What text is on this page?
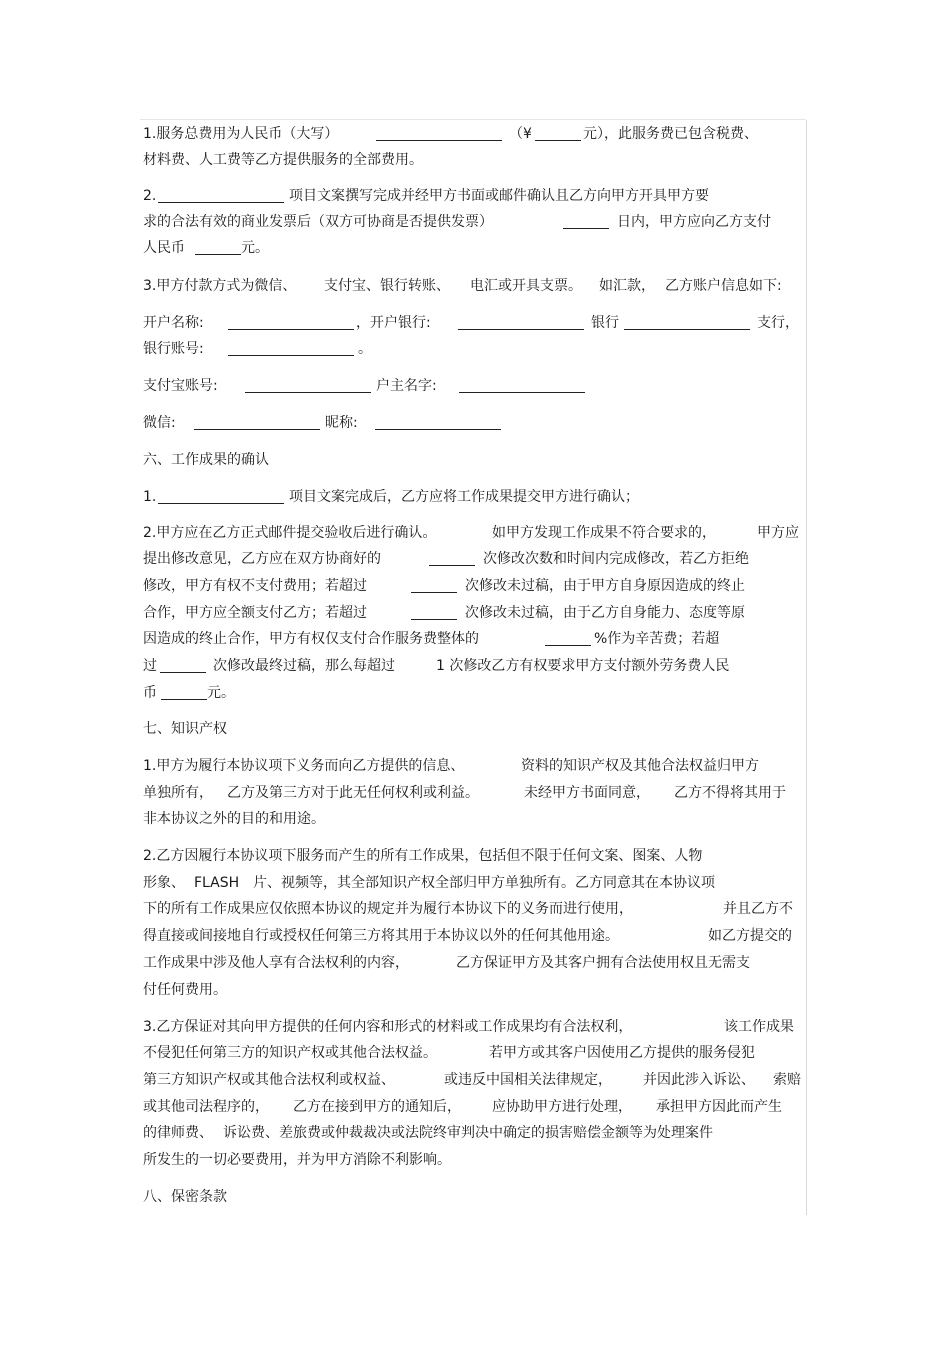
1.服务总费用为人民币（大写）

	（¥

	元），此服务费已包含税费、

材料费、人工费等乙方提供服务的全部费用。

2.

	项目文案撰写完成并经甲方书面或邮件确认且乙方向甲方开具甲方要

求的合法有效的商业发票后（双方可协商是否提供发票）

	日内，甲方应向乙方支付

人民币

	元。

3.甲方付款方式为微信、

支付宝、银行转账、

电汇或开具支票。

如汇款，

乙方账户信息如下:

开户名称:

	，开户银行:

	银行

	支行，

银行账号:

	。

支付宝账号:

	户主名字:

微信:

	昵称:

六、工作成果的确认

1.

	项目文案完成后，乙方应将工作成果提交甲方进行确认；

2.甲方应在乙方正式邮件提交验收后进行确认。

	如甲方发现工作成果不符合要求的，

	甲方应

提出修改意见，乙方应在双方协商好的

	次修改次数和时间内完成修改，若乙方拒绝

修改，甲方有权不支付费用；若超过

	次修改未过稿，由于甲方自身原因造成的终止

合作，甲方应全额支付乙方；若超过

	次修改未过稿，由于乙方自身能力、态度等原

因造成的终止合作，甲方有权仅支付合作服务费整体的

	%作为辛苦费；若超

过

	次修改最终过稿，那么每超过

	1 次修改乙方有权要求甲方支付额外劳务费人民

币

	元。

七、知识产权

1.甲方为履行本协议项下义务而向乙方提供的信息、

	资料的知识产权及其他合法权益归甲方

单独所有，

乙方及第三方对于此无任何权利或利益。

	未经甲方书面同意，

乙方不得将其用于

非本协议之外的目的和用途。

2.乙方因履行本协议项下服务而产生的所有工作成果，包括但不限于任何文案、图案、人物

形象、

FLASH

片、视频等，其全部知识产权全部归甲方单独所有。乙方同意其在本协议项

下的所有工作成果应仅依照本协议的规定并为履行本协议下的义务而进行使用，

	并且乙方不

得直接或间接地自行或授权任何第三方将其用于本协议以外的任何其他用途。

	如乙方提交的

工作成果中涉及他人享有合法权利的内容，

	乙方保证甲方及其客户拥有合法使用权且无需支

付任何费用。

3.乙方保证对其向甲方提供的任何内容和形式的材料或工作成果均有合法权利，

	该工作成果

不侵犯任何第三方的知识产权或其他合法权益。

	若甲方或其客户因使用乙方提供的服务侵犯

第三方知识产权或其他合法权利或权益、

	或违反中国相关法律规定，

并因此涉入诉讼、

索赔

或其他司法程序的，

乙方在接到甲方的通知后，

应协助甲方进行处理，

承担甲方因此而产生

的律师费、

诉讼费、差旅费或仲裁裁决或法院终审判决中确定的损害赔偿金额等为处理案件

所发生的一切必要费用，并为甲方消除不利影响。

八、保密条款
